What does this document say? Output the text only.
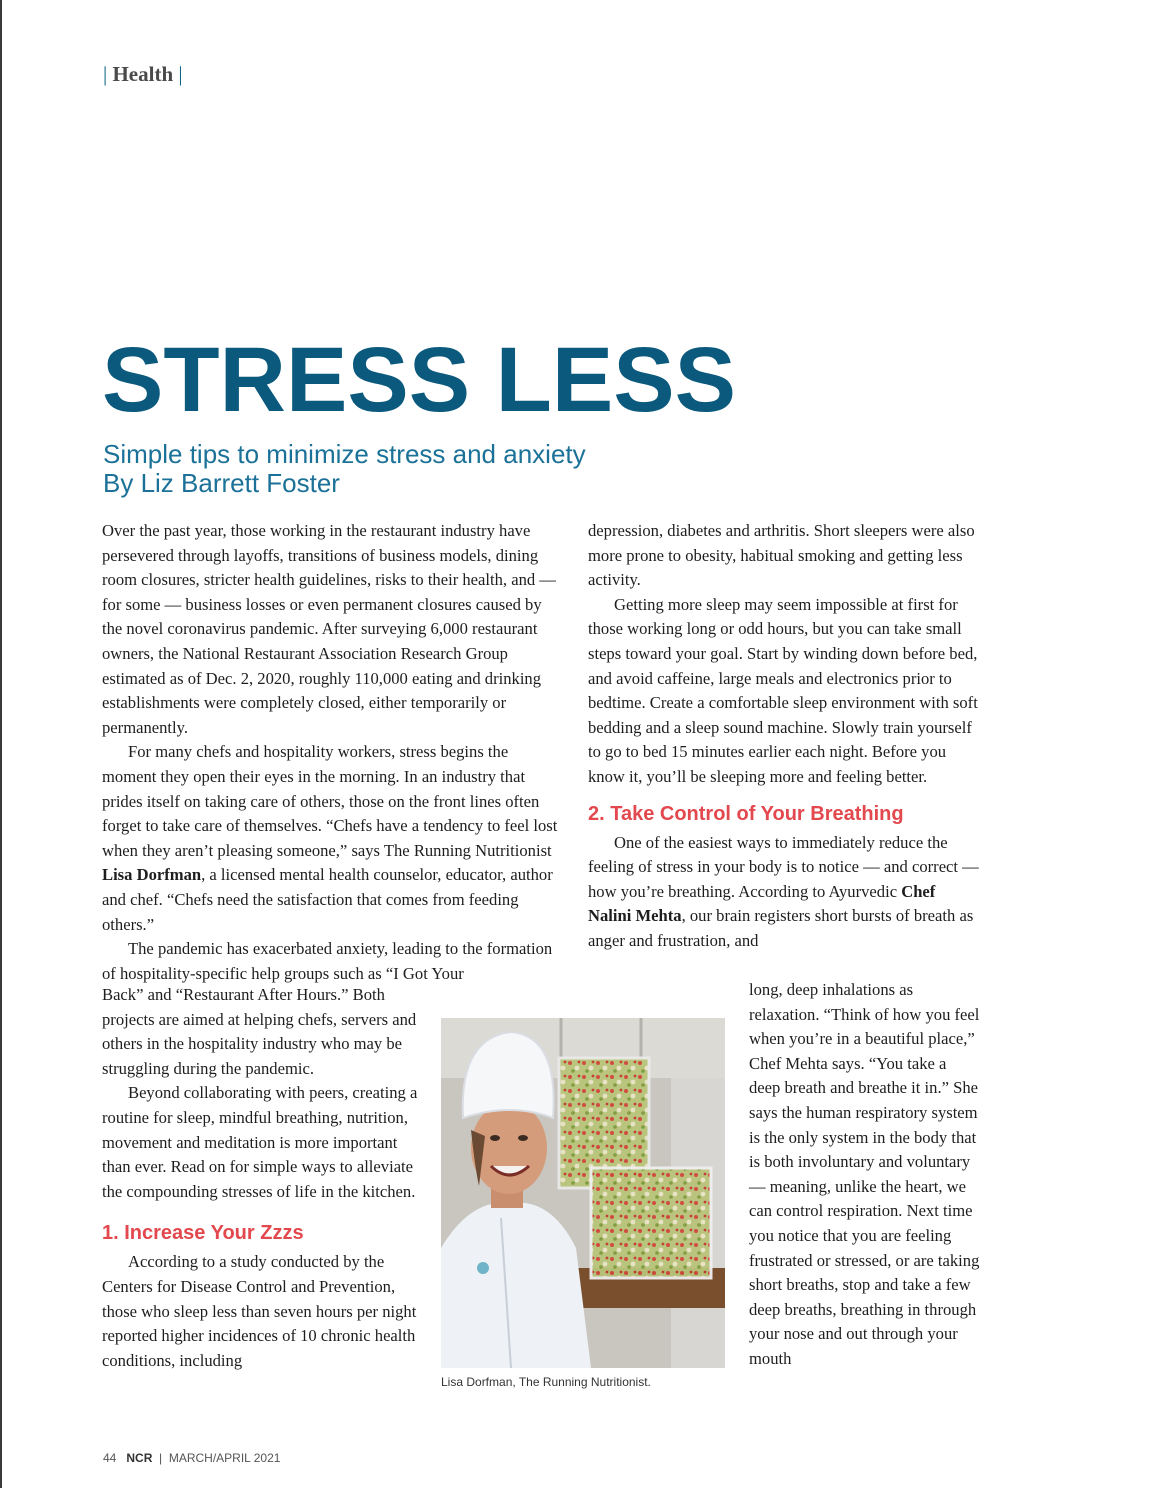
| Health |
STRESS LESS
Simple tips to minimize stress and anxiety
By Liz Barrett Foster

Over the past year, those working in the restaurant industry have persevered through layoffs, transitions of business models, dining room closures, stricter health guidelines, risks to their health, and — for some — business losses or even permanent closures caused by the novel coronavirus pandemic. After surveying 6,000 restaurant owners, the National Restaurant Association Research Group estimated as of Dec. 2, 2020, roughly 110,000 eating and drinking establishments were completely closed, either temporarily or permanently.

For many chefs and hospitality workers, stress begins the moment they open their eyes in the morning. In an industry that prides itself on taking care of others, those on the front lines often forget to take care of themselves. “Chefs have a tendency to feel lost when they aren’t pleasing someone,” says The Running Nutritionist Lisa Dorfman, a licensed mental health counselor, educator, author and chef. “Chefs need the satisfaction that comes from feeding others.”

The pandemic has exacerbated anxiety, leading to the formation of hospitality-specific help groups such as “I Got Your

Back” and “Restaurant After Hours.” Both projects are aimed at helping chefs, servers and others in the hospitality industry who may be struggling during the pandemic.

Beyond collaborating with peers, creating a routine for sleep, mindful breathing, nutrition, movement and meditation is more important than ever. Read on for simple ways to alleviate the compounding stresses of life in the kitchen.

1. Increase Your Zzzs

According to a study conducted by the Centers for Disease Control and Prevention, those who sleep less than seven hours per night reported higher incidences of 10 chronic health conditions, including

depression, diabetes and arthritis. Short sleepers were also more prone to obesity, habitual smoking and getting less activity.

Getting more sleep may seem impossible at first for those working long or odd hours, but you can take small steps toward your goal. Start by winding down before bed, and avoid caffeine, large meals and electronics prior to bedtime. Create a comfortable sleep environment with soft bedding and a sleep sound machine. Slowly train yourself to go to bed 15 minutes earlier each night. Before you know it, you’ll be sleeping more and feeling better.

2. Take Control of Your Breathing

One of the easiest ways to immediately reduce the feeling of stress in your body is to notice — and correct — how you’re breathing. According to Ayurvedic Chef Nalini Mehta, our brain registers short bursts of breath as anger and frustration, and

long, deep inhalations as relaxation. “Think of how you feel when you’re in a beautiful place,” Chef Mehta says. “You take a deep breath and breathe it in.” She says the human respiratory system is the only system in the body that is both involuntary and voluntary — meaning, unlike the heart, we can control respiration. Next time you notice that you are feeling frustrated or stressed, or are taking short breaths, stop and take a few deep breaths, breathing in through your nose and out through your mouth

Lisa Dorfman, The Running Nutritionist.
44 NCR  |  MARCH/APRIL 2021
